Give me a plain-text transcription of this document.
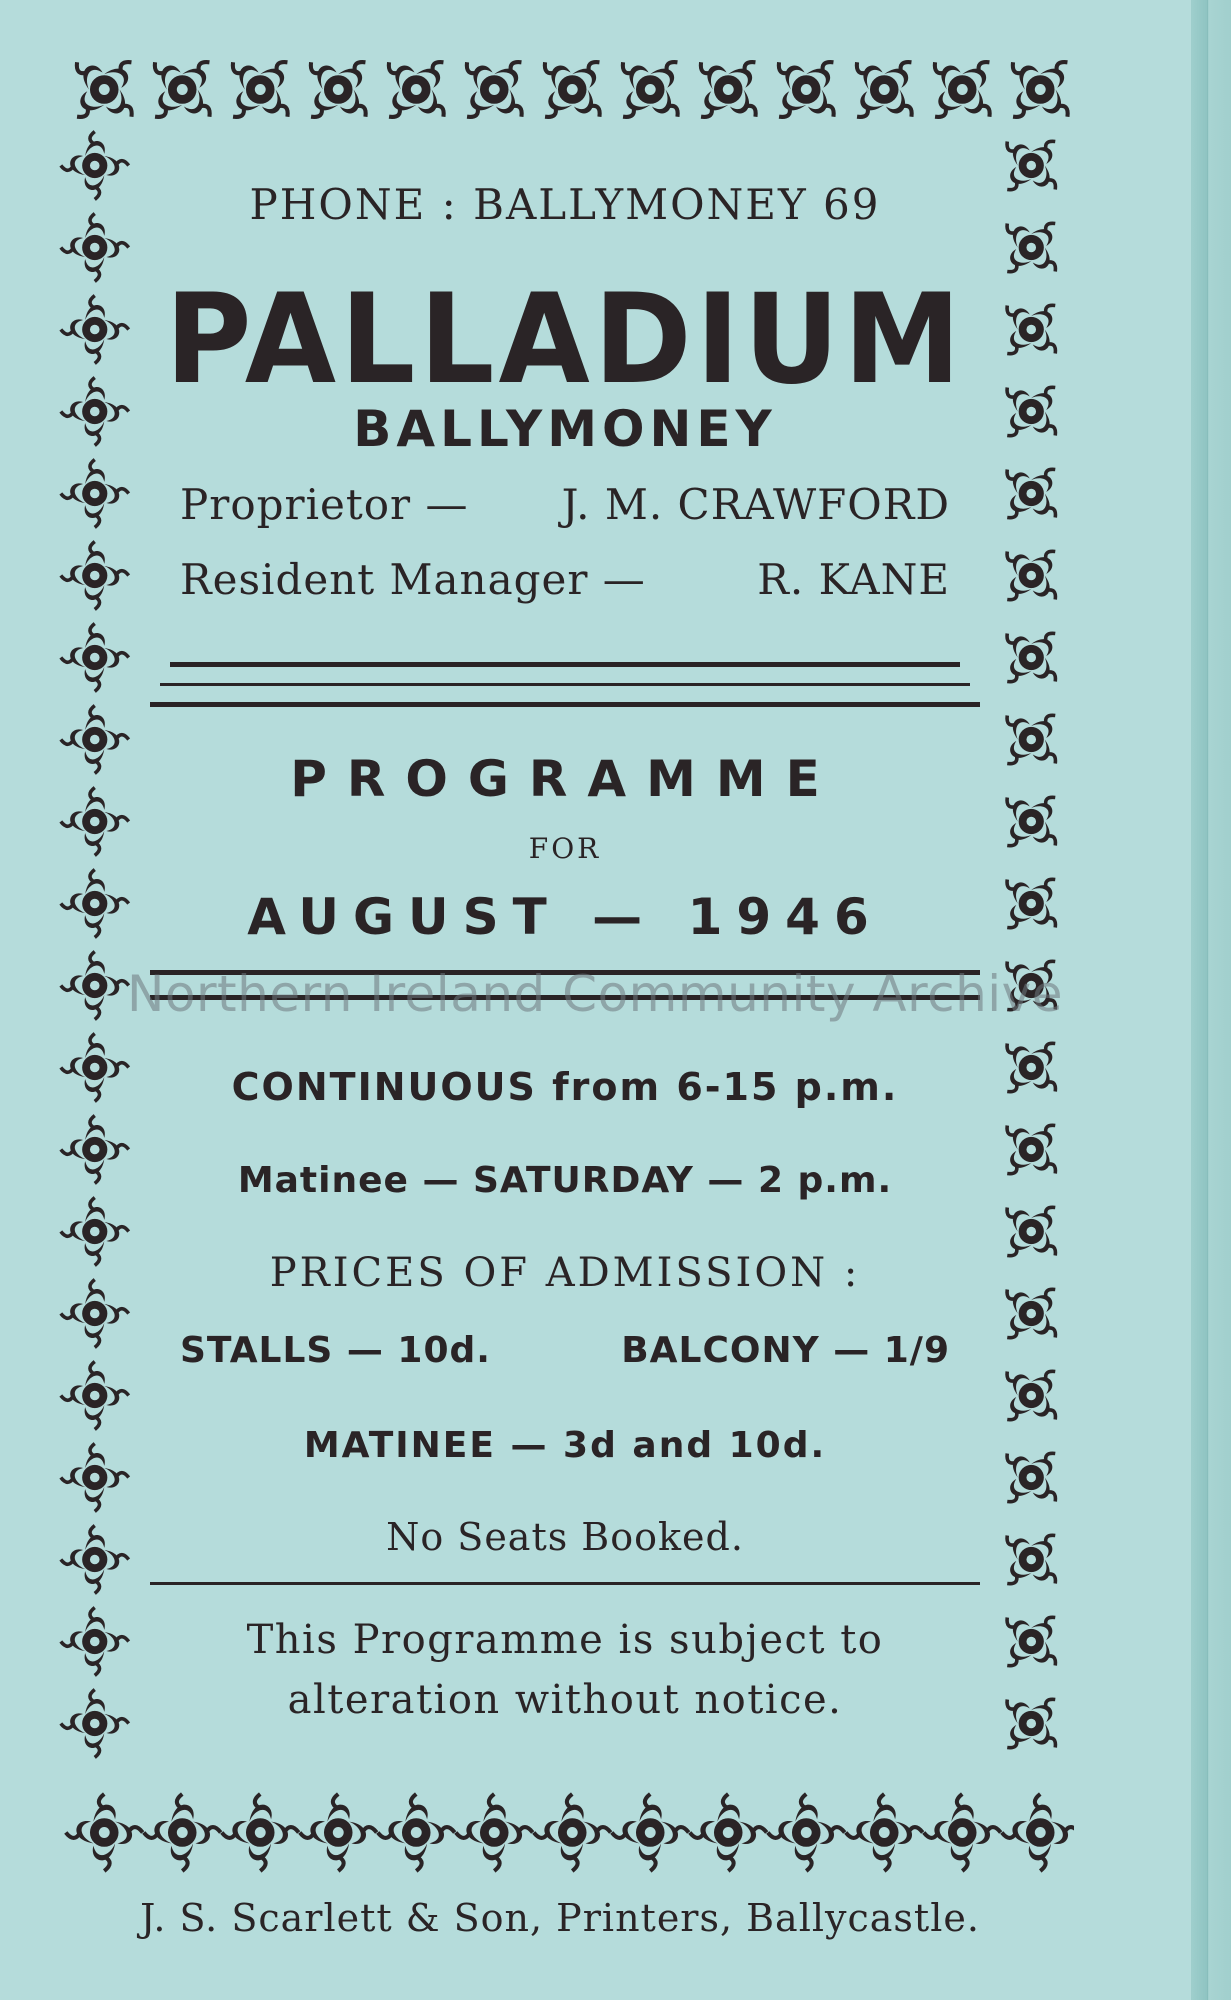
PHONE : BALLYMONEY 69
PALLADIUM
BALLYMONEY
Proprietor — J. M. CRAWFORD
Resident Manager —	R. KANE
PROGRAMME
FOR
AUGUST — 1946
CONTINUOUS from 6-15 p.m.
Matinee — SATURDAY — 2 p.m.
PRICES OF ADMISSION :
STALLS — 10d.	BALCONY — 1/9
MATINEE — 3d and 10d.
No Seats Booked.
This Programme is subject to alteration without notice.
Northern Ireland Community Archive
J. S. Scarlett & Son, Printers, Ballycastle.
